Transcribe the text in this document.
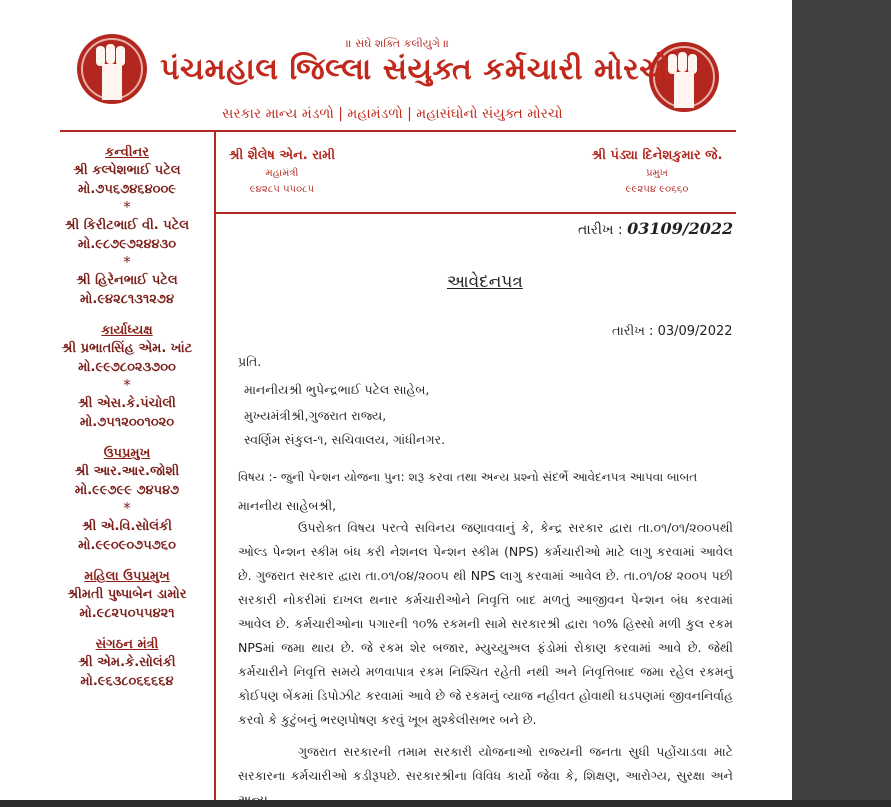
॥ સંઘે શક્તિ કલીયુગે ॥
પંચમહાલ જિલ્લા સંયુક્ત કર્મચારી મોરચો
સરકાર માન્ય મંડળો | મહામંડળો | મહાસંઘોનો સંયુક્ત મોરચો
શ્રી શૈલેષ એન. રામી
મહામંત્રી
૯૪૨૮૫ ૫૫૦૮૫
શ્રી પંડ્યા દિનેશકુમાર જે.
પ્રમુખ
૯૯૨૫૪ ૯૦૬૬૦
તારીખ : 03109/2022
કન્વીનર
શ્રી કલ્પેશભાઈ પટેલ
મો.૭૫૬૭૪૬૪૦૦૯
*
શ્રી કિરીટભાઈ વી. પટેલ
મો.૯૮૭૯૭૨૪૪૩૦
*
શ્રી હિરેનભાઈ પટેલ
મો.૯૪૨૮૧૩૧૨૭૪
કાર્યાધ્યક્ષ
શ્રી પ્રભાતસિંહ એમ. ખાંટ
મો.૯૯૭૮૦૨૩૭૦૦
*
શ્રી એસ.કે.પંચોલી
મો.૭૫૧૨૦૦૧૦૨૦
ઉપપ્રમુખ
શ્રી આર.આર.જોશી
મો.૯૯૭૯૯ ૭૪૫૪૭
*
શ્રી એ.વિ.સોલંકી
મો.૯૯૦૯૦૭૫૭૬૦
મહિલા ઉપપ્રમુખ
શ્રીમતી પુષ્પાબેન ડામોર
મો.૯૮૨૫૦૫૫૪૨૧
સંગઠન મંત્રી
શ્રી એમ.કે.સોલંકી
મો.૯૬૩૮૦૬૬૬૬૪
આવેદનપત્ર
તારીખ : 03/09/2022
પ્રતિ.
માનનીયશ્રી ભુપેન્દ્રભાઈ પટેલ સાહેબ,
મુખ્યમંત્રીશ્રી,ગુજરાત રાજ્ય,
સ્વર્ણિમ સંકુલ-૧, સચિવાલય, ગાંધીનગર.
વિષય :- જુની પેન્શન યોજના પુન: શરૂ કરવા તથા અન્ય પ્રશ્નો સંદર્ભે આવેદનપત્ર આપવા બાબત
માનનીય સાહેબશ્રી,
ઉપરોક્ત વિષય પરત્વે સવિનય જણાવવાનું કે, કેન્દ્ર સરકાર દ્વારા તા.૦૧/૦૧/૨૦૦૫થી ઓલ્ડ પેન્શન સ્કીમ બંધ કરી નેશનલ પેન્શન સ્કીમ (NPS) કર્મચારીઓ માટે લાગુ કરવામાં આવેલ છે. ગુજરાત સરકાર દ્વારા તા.૦૧/૦૪/૨૦૦૫ થી NPS લાગુ કરવામાં આવેલ છે. તા.૦૧/૦૪ ૨૦૦૫ પછી સરકારી નોકરીમાં દાખલ થનાર કર્મચારીઓને નિવૃત્તિ બાદ મળતું આજીવન પેન્શન બંધ કરવામાં આવેલ છે. કર્મચારીઓના પગારની ૧૦% રકમની સામે સરકારશ્રી દ્વારા ૧૦% હિસ્સો મળી કુલ રકમ NPSમાં જમા થાય છે. જે રકમ શેર બજાર, મ્યુચ્યુઅલ ફંડોમાં રોકાણ કરવામાં આવે છે. જેથી કર્મચારીને નિવૃત્તિ સમયે મળવાપાત્ર રકમ નિશ્ચિત રહેતી નથી અને નિવૃત્તિબાદ જમા રહેલ રકમનું કોઈપણ બેંકમાં ડિપોઝીટ કરવામાં આવે છે જે રકમનું વ્યાજ નહીવત હોવાથી ઘડપણમાં જીવનનિર્વાહ કરવો કે કુટુંબનું ભરણપોષણ કરવું ખૂબ મુશ્કેલીસભર બને છે.
ગુજરાત સરકારની તમામ સરકારી યોજનાઓ રાજ્યની જનતા સુધી પહોંચાડવા માટે સરકારના કર્મચારીઓ કડીરૂપછે. સરકારશ્રીના વિવિધ કાર્યો જેવા કે, શિક્ષણ, આરોગ્ય, સુરક્ષા અને
